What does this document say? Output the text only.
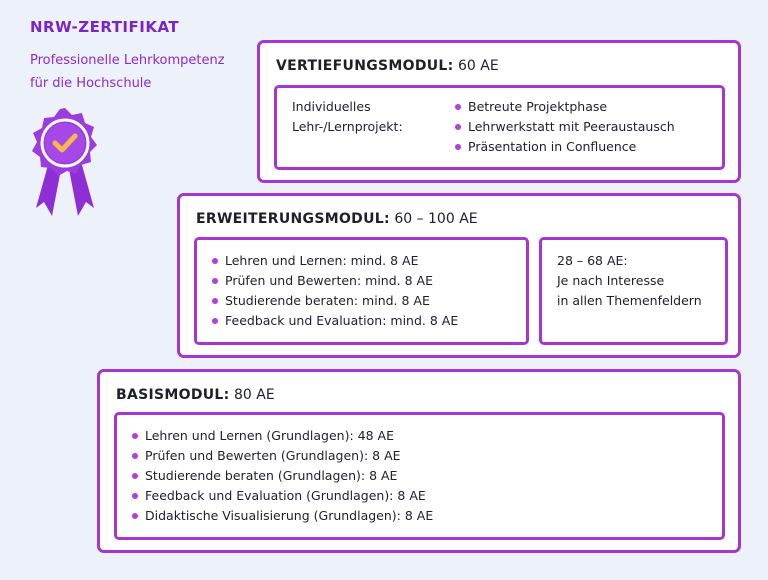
NRW-ZERTIFIKAT
Professionelle Lehrkompetenz
für die Hochschule
VERTIEFUNGSMODUL: 60 AE
Individuelles
Lehr-/Lernprojekt:
Betreute Projektphase
Lehrwerkstatt mit Peeraustausch
Präsentation in Confluence
ERWEITERUNGSMODUL: 60 – 100 AE
Lehren und Lernen: mind. 8 AE
Prüfen und Bewerten: mind. 8 AE
Studierende beraten: mind. 8 AE
Feedback und Evaluation: mind. 8 AE
28 – 68 AE:
Je nach Interesse
in allen Themenfeldern
BASISMODUL: 80 AE
Lehren und Lernen (Grundlagen): 48 AE
Prüfen und Bewerten (Grundlagen): 8 AE
Studierende beraten (Grundlagen): 8 AE
Feedback und Evaluation (Grundlagen): 8 AE
Didaktische Visualisierung (Grundlagen): 8 AE
